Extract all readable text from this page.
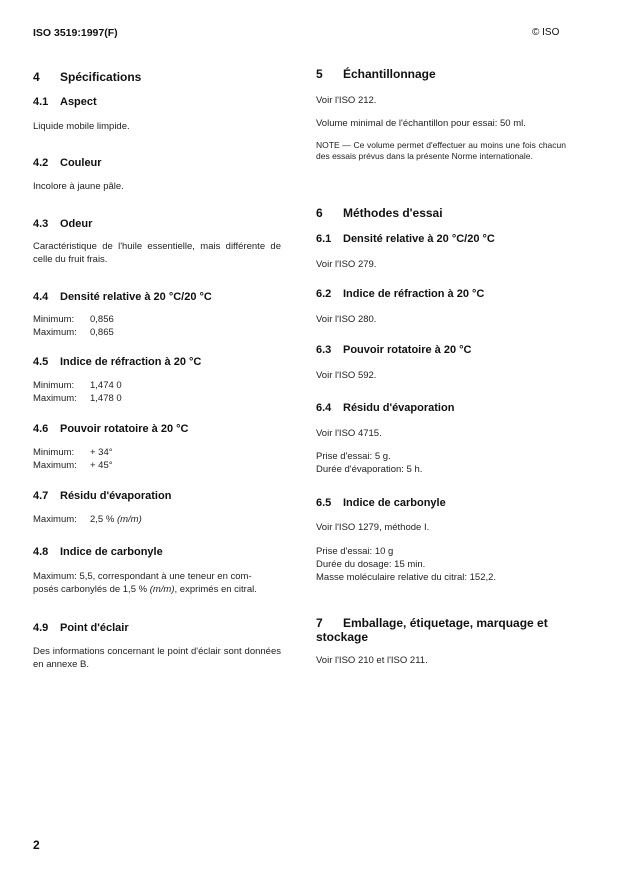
ISO 3519:1997(F)	© ISO
4 Spécifications
4.1 Aspect
Liquide mobile limpide.
4.2 Couleur
Incolore à jaune pâle.
4.3 Odeur
Caractéristique de l'huile essentielle, mais différente de celle du fruit frais.
4.4 Densité relative à 20 °C/20 °C
Minimum: 0,856
Maximum: 0,865
4.5 Indice de réfraction à 20 °C
Minimum: 1,474 0
Maximum: 1,478 0
4.6 Pouvoir rotatoire à 20 °C
Minimum: + 34°
Maximum: + 45°
4.7 Résidu d'évaporation
Maximum: 2,5 % (m/m)
4.8 Indice de carbonyle
Maximum: 5,5, correspondant à une teneur en com-
posés carbonylés de 1,5 % (m/m), exprimés en citral.
4.9 Point d'éclair
Des informations concernant le point d'éclair sont données en annexe B.
5 Échantillonnage
Voir l'ISO 212.
Volume minimal de l'échantillon pour essai: 50 ml.
NOTE — Ce volume permet d'effectuer au moins une fois chacun des essais prévus dans la présente Norme internationale.
6 Méthodes d'essai
6.1 Densité relative à 20 °C/20 °C
Voir l'ISO 279.
6.2 Indice de réfraction à 20 °C
Voir l'ISO 280.
6.3 Pouvoir rotatoire à 20 °C
Voir l'ISO 592.
6.4 Résidu d'évaporation
Voir l'ISO 4715.
Prise d'essai: 5 g.
Durée d'évaporation: 5 h.
6.5 Indice de carbonyle
Voir l'ISO 1279, méthode I.
Prise d'essai: 10 g
Durée du dosage: 15 min.
Masse moléculaire relative du citral: 152,2.
7 Emballage, étiquetage, marquage et
stockage
Voir l'ISO 210 et l'ISO 211.
2
